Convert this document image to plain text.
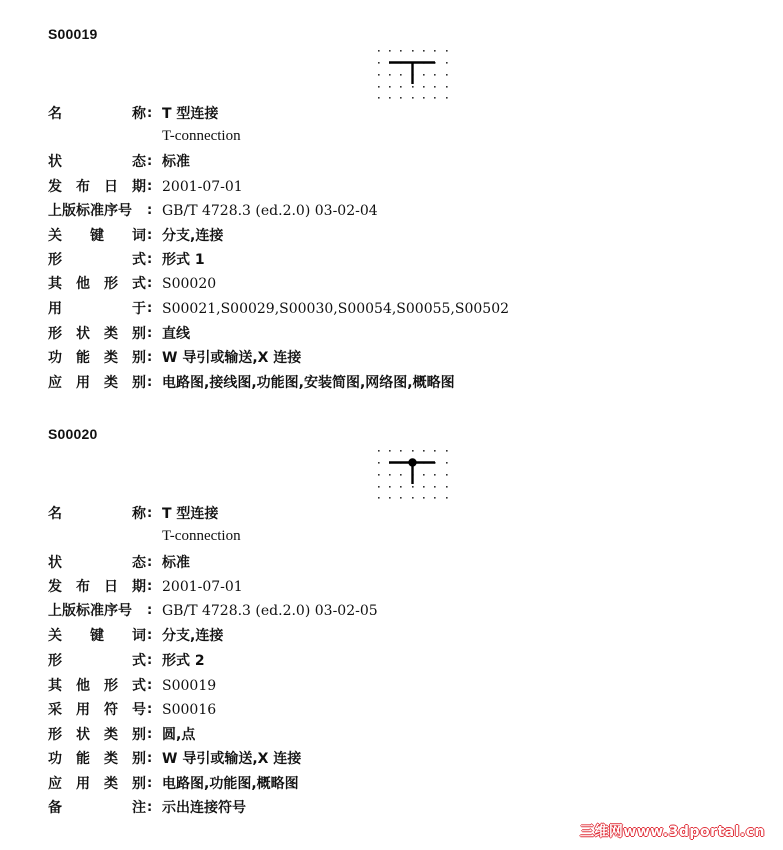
S00019
名	称 : T 型连接
T-connection
状	态 : 标准
发 布 日 期 : 2001-07-01
上 版 标 准 序 号 : GB/T 4728.3 (ed.2.0) 03-02-04
关 键 词 : 分支,连接
形	式 : 形式 1
其 他 形 式 : S00020
用	于 : S00021,S00029,S00030,S00054,S00055,S00502
形 状 类 别 : 直线
功 能 类 别 : W 导引或输送,X 连接
应 用 类 别 : 电路图,接线图,功能图,安装简图,网络图,概略图
S00020
名	称 : T 型连接
T-connection
状	态 : 标准
发 布 日 期 : 2001-07-01
上 版 标 准 序 号 : GB/T 4728.3 (ed.2.0) 03-02-05
关 键 词 : 分支,连接
形	式 : 形式 2
其 他 形 式 : S00019
采 用 符 号 : S00016
形 状 类 别 : 圆,点
功 能 类 别 : W 导引或输送,X 连接
应 用 类 别 : 电路图,功能图,概略图
备	注 : 示出连接符号
三维网www.3dportal.cn
